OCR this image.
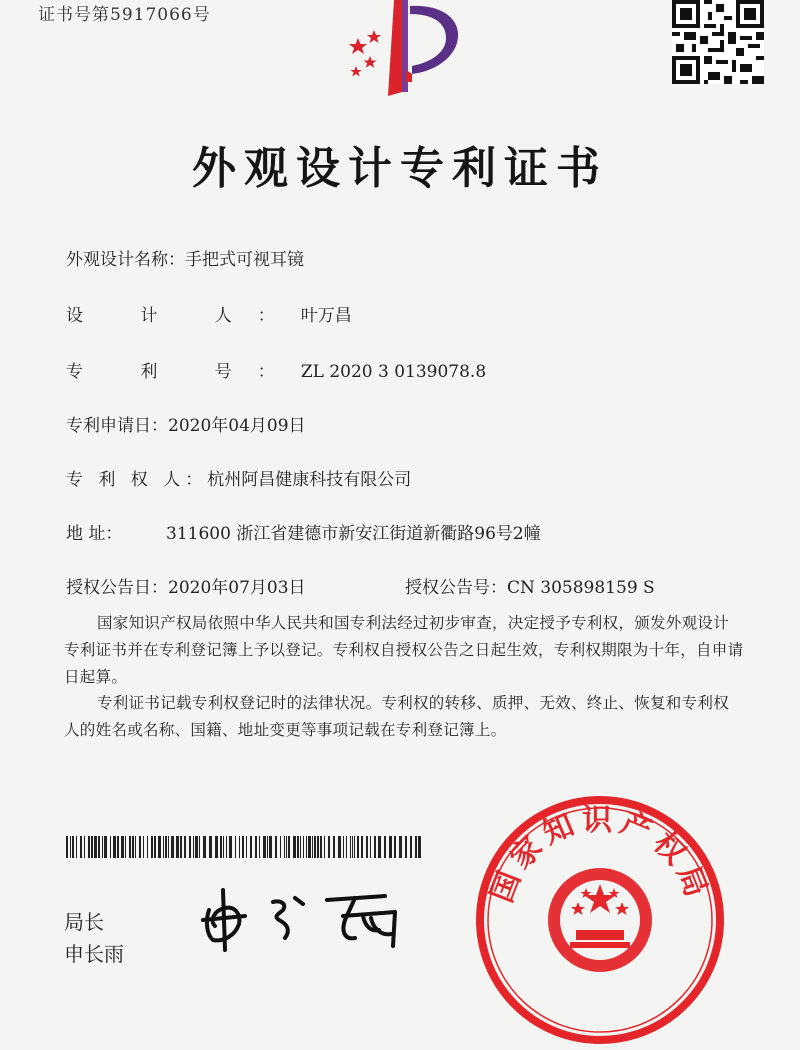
证书号第5917066号
外观设计专利证书
外观设计名称：手把式可视耳镜
设 计 人：叶万昌
专 利 号：ZL 2020 3 0139078.8
专利申请日：2020年04月09日
专 利 权 人：杭州阿昌健康科技有限公司
地 址：	311600 浙江省建德市新安江街道新衢路96号2幢
授权公告日：2020年07月03日	授权公告号：CN 305898159 S
国家知识产权局依照中华人民共和国专利法经过初步审查，决定授予专利权，颁发外观设计专利证书并在专利登记簿上予以登记。专利权自授权公告之日起生效，专利权期限为十年，自申请日起算。
专利证书记载专利权登记时的法律状况。专利权的转移、质押、无效、终止、恢复和专利权人的姓名或名称、国籍、地址变更等事项记载在专利登记簿上。
局长
申长雨
国家知识产权局
